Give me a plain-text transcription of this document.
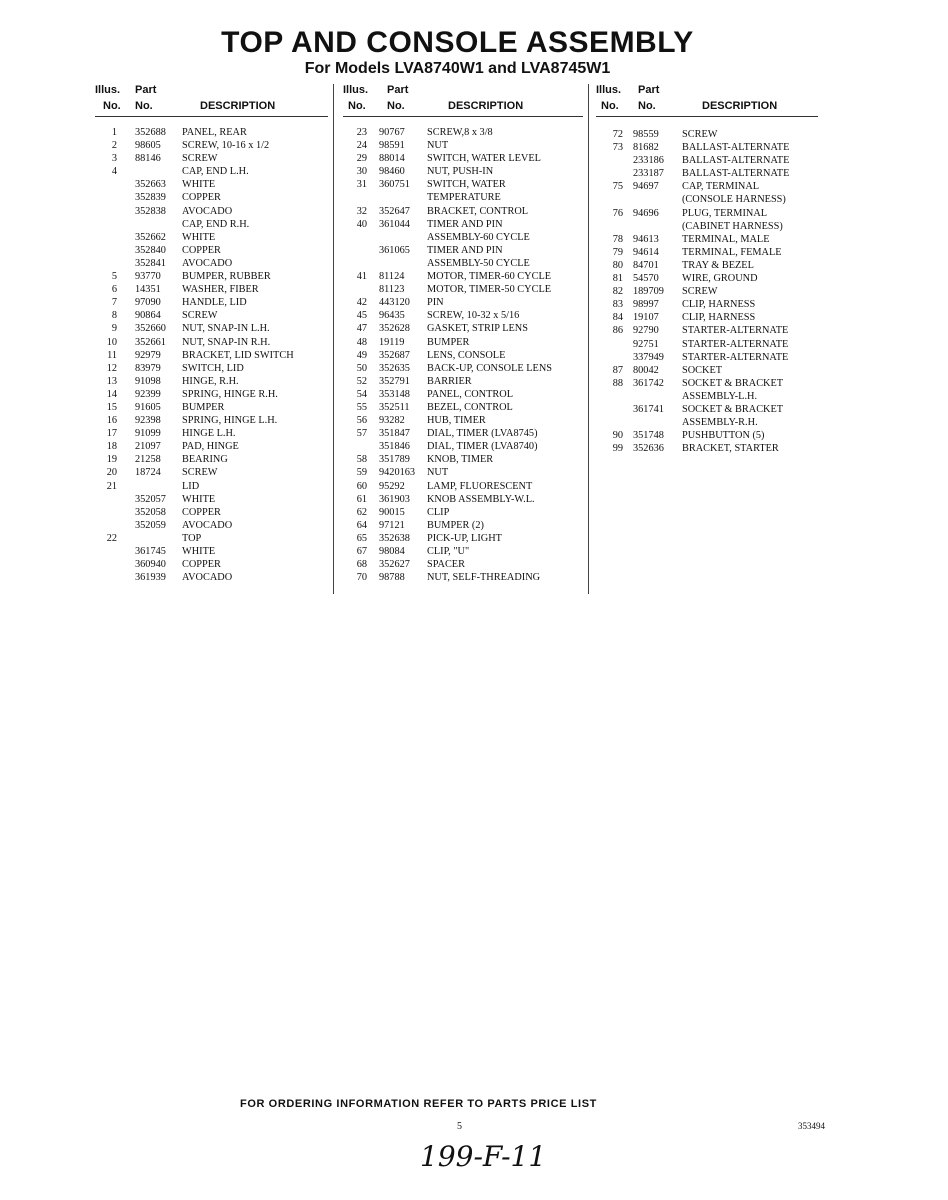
TOP AND CONSOLE ASSEMBLY
For Models LVA8740W1 and LVA8745W1
Illus. Part
No. No.	DESCRIPTION
1 352688 PANEL, REAR
2 98605 SCREW, 10-16 x 1/2
3 88146 SCREW
4	CAP, END L.H.
352663 WHITE
352839 COPPER
352838 AVOCADO
CAP, END R.H.
352662 WHITE
352840 COPPER
352841 AVOCADO
5 93770 BUMPER, RUBBER
6 14351 WASHER, FIBER
7 97090 HANDLE, LID
8 90864 SCREW
9 352660 NUT, SNAP-IN L.H.
10 352661 NUT, SNAP-IN R.H.
11 92979 BRACKET, LID SWITCH
12 83979 SWITCH, LID
13 91098 HINGE, R.H.
14 92399 SPRING, HINGE R.H.
15 91605 BUMPER
16 92398 SPRING, HINGE L.H.
17 91099 HINGE L.H.
18 21097 PAD, HINGE
19 21258 BEARING
20 18724 SCREW
21	LID
352057 WHITE
352058 COPPER
352059 AVOCADO
22	TOP
361745 WHITE
360940 COPPER
361939 AVOCADO
Illus. Part
No. No.	DESCRIPTION
23 90767 SCREW,8 x 3/8
24 98591 NUT
29 88014 SWITCH, WATER LEVEL
30 98460 NUT, PUSH-IN
31 360751 SWITCH, WATER
TEMPERATURE
32 352647 BRACKET, CONTROL
40 361044 TIMER AND PIN
ASSEMBLY-60 CYCLE
361065 TIMER AND PIN
ASSEMBLY-50 CYCLE
41 81124 MOTOR, TIMER-60 CYCLE
81123 MOTOR, TIMER-50 CYCLE
42 443120 PIN
45 96435 SCREW, 10-32 x 5/16
47 352628 GASKET, STRIP LENS
48 19119 BUMPER
49 352687 LENS, CONSOLE
50 352635 BACK-UP, CONSOLE LENS
52 352791 BARRIER
54 353148 PANEL, CONTROL
55 352511 BEZEL, CONTROL
56 93282 HUB, TIMER
57 351847 DIAL, TIMER (LVA8745)
351846 DIAL, TIMER (LVA8740)
58 351789 KNOB, TIMER
59 9420163 NUT
60 95292 LAMP, FLUORESCENT
61 361903 KNOB ASSEMBLY-W.L.
62 90015 CLIP
64 97121 BUMPER (2)
65 352638 PICK-UP, LIGHT
67 98084 CLIP, "U"
68 352627 SPACER
70 98788 NUT, SELF-THREADING
Illus. Part
No. No.	DESCRIPTION
72 98559 SCREW
73 81682 BALLAST-ALTERNATE
233186 BALLAST-ALTERNATE
233187 BALLAST-ALTERNATE
75 94697 CAP, TERMINAL
(CONSOLE HARNESS)
76 94696 PLUG, TERMINAL
(CABINET HARNESS)
78 94613 TERMINAL, MALE
79 94614 TERMINAL, FEMALE
80 84701 TRAY & BEZEL
81 54570 WIRE, GROUND
82 189709 SCREW
83 98997 CLIP, HARNESS
84 19107 CLIP, HARNESS
86 92790 STARTER-ALTERNATE
92751 STARTER-ALTERNATE
337949 STARTER-ALTERNATE
87 80042 SOCKET
88 361742 SOCKET & BRACKET
ASSEMBLY-L.H.
361741 SOCKET & BRACKET
ASSEMBLY-R.H.
90 351748 PUSHBUTTON (5)
99 352636 BRACKET, STARTER
FOR ORDERING INFORMATION REFER TO PARTS PRICE LIST
5	353494
199-F-11
